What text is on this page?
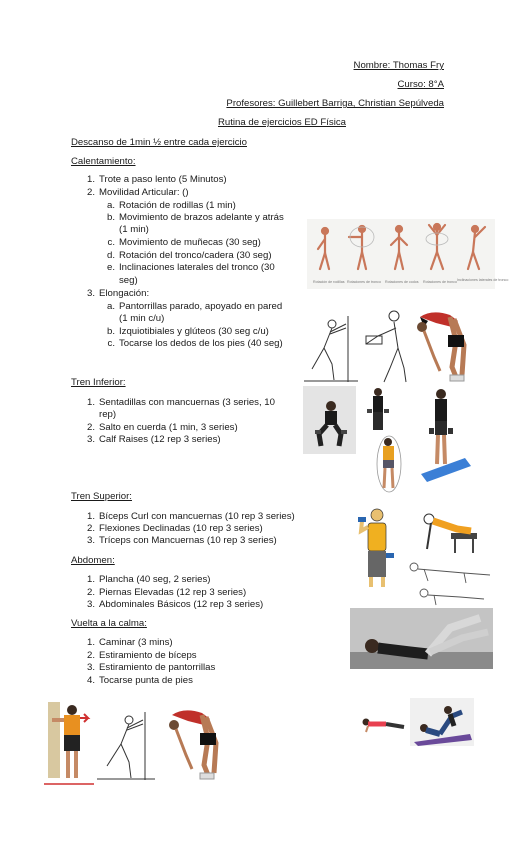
Nombre: Thomas Fry
Curso: 8°A
Profesores: Guillebert Barriga, Christian Sepúlveda
Rutina de ejercicios ED Física
Descanso de 1min ½ entre cada ejercicio
Calentamiento:
1. Trote a paso lento (5 Minutos)
2. Movilidad Articular: ()
a. Rotación de rodillas (1 min)
b. Movimiento de brazos adelante y atrás
(1 min)
c. Movimiento de muñecas (30 seg)
d. Rotación del tronco/cadera (30 seg)
e. Inclinaciones laterales del tronco (30
seg)
3. Elongación:
a. Pantorrillas parado, apoyado en pared
(1 min c/u)
b. Izquiotibiales y glúteos (30 seg c/u)
c. Tocarse los dedos de los pies (40 seg)
Rotación de rodillas Rotaciones de tronco Rotaciones de codos Rotaciones de tronco Inclinaciones laterales de tronco
Tren Inferior:
1. Sentadillas con mancuernas (3 series, 10
rep)
2. Salto en cuerda (1 min, 3 series)
3. Calf Raises (12 rep 3 series)
Tren Superior:
1. Bíceps Curl con mancuernas (10 rep 3 series)
2. Flexiones Declinadas (10 rep 3 series)
3. Tríceps con Mancuernas (10 rep 3 series)
Abdomen:
1. Plancha (40 seg, 2 series)
2. Piernas Elevadas (12 rep 3 series)
3. Abdominales Básicos (12 rep 3 series)
Vuelta a la calma:
1. Caminar (3 mins)
2. Estiramiento de bíceps
3. Estiramiento de pantorrillas
4. Tocarse punta de pies
